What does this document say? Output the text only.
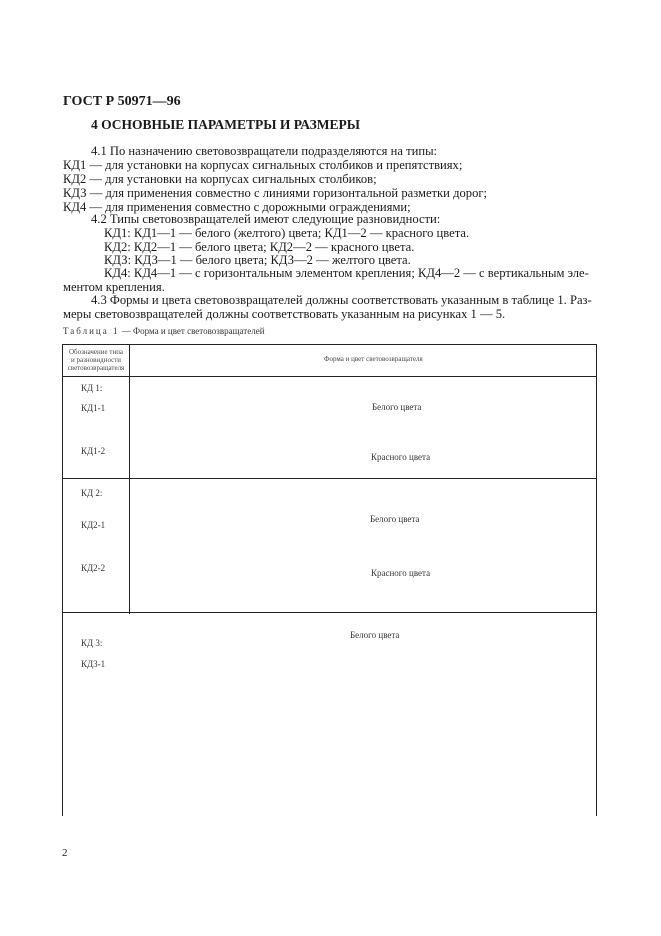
ГОСТ Р 50971—96
4 ОСНОВНЫЕ ПАРАМЕТРЫ И РАЗМЕРЫ
4.1 По назначению световозвращатели подразделяются на типы:
КД1 — для установки на корпусах сигнальных столбиков и препятствиях;
КД2 — для установки на корпусах сигнальных столбиков;
КДЗ — для применения совместно с линиями горизонтальной разметки дорог;
КД4 — для применения совместно с дорожными ограждениями;
4.2 Типы световозвращателей имеют следующие разновидности:
КД1: КД1—1 — белого (желтого) цвета; КД1—2 — красного цвета.
КД2: КД2—1 — белого цвета; КД2—2 — красного цвета.
КДЗ: КДЗ—1 — белого цвета; КДЗ—2 — желтого цвета.
КД4: КД4—1 — с горизонтальным элементом крепления; КД4—2 — с вертикальным эле-
ментом крепления.
4.3 Формы и цвета световозвращателей должны соответствовать указанным в таблице 1. Раз-
меры световозвращателей должны соответствовать указанным на рисунках 1 — 5.
Таблица 1 — Форма и цвет световозвращателей
Обозначение типа
и разновидности
световозвращателя
Форма и цвет световозвращателя
КД 1:
КД1-1
КД1-2
Белого цвета
Красного цвета
КД 2:
КД2-1
КД2-2
Белого цвета
Красного цвета
КД 3:
КД3-1
Белого цвета
2
